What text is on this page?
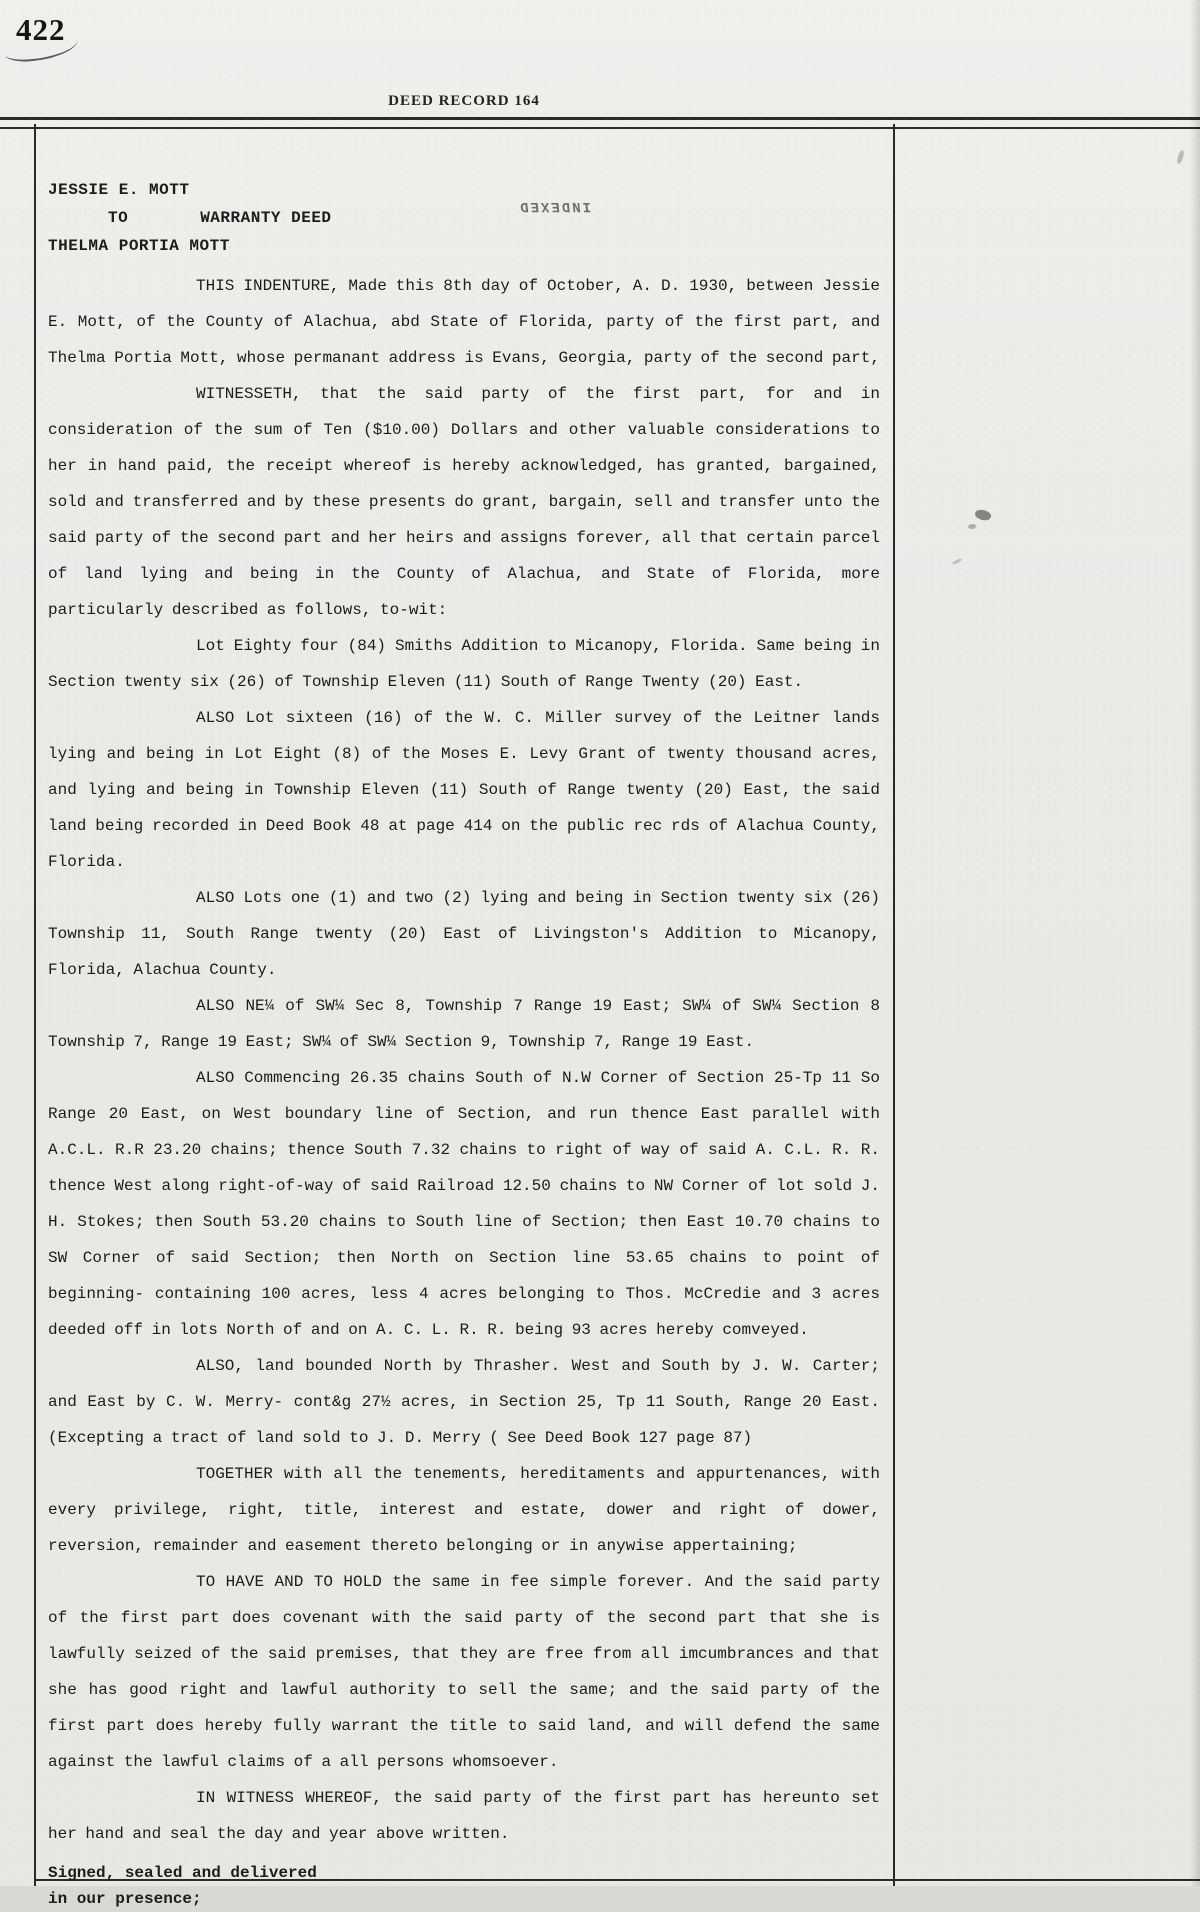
422
DEED RECORD 164
JESSIE E. MOTT
TO	WARRANTY DEED
THELMA PORTIA MOTT
INDEXED

THIS INDENTURE, Made this 8th day of October, A. D. 1930, between Jessie E. Mott, of the County of Alachua, abd State of Florida, party of the first part, and Thelma Portia Mott, whose permanant address is Evans, Georgia, party of the second part,

WITNESSETH, that the said party of the first part, for and in consideration of the sum of Ten ($10.00) Dollars and other valuable considerations to her in hand paid, the receipt whereof is hereby acknowledged, has granted, bargained, sold and transferred and by these presents do grant, bargain, sell and transfer unto the said party of the second part and her heirs and assigns forever, all that certain parcel of land lying and being in the County of Alachua, and State of Florida, more particularly described as follows, to-wit:

Lot Eighty four (84) Smiths Addition to Micanopy, Florida. Same being in Section twenty six (26) of Township Eleven (11) South of Range Twenty (20) East.

ALSO Lot sixteen (16) of the W. C. Miller survey of the Leitner lands lying and being in Lot Eight (8) of the Moses E. Levy Grant of twenty thousand acres, and lying and being in Township Eleven (11) South of Range twenty (20) East, the said land being recorded in Deed Book 48 at page 414 on the public rec rds of Alachua County, Florida.

ALSO Lots one (1) and two (2) lying and being in Section twenty six (26) Township 11, South Range twenty (20) East of Livingston's Addition to Micanopy, Florida, Alachua County.

ALSO NE¼ of SW¼ Sec 8, Township 7 Range 19 East; SW¼ of SW¼ Section 8 Township 7, Range 19 East; SW¼ of SW¼ Section 9, Township 7, Range 19 East.

ALSO Commencing 26.35 chains South of N.W Corner of Section 25-Tp 11 So Range 20 East, on West boundary line of Section, and run thence East parallel with A.C.L. R.R 23.20 chains; thence South 7.32 chains to right of way of said A. C.L. R. R. thence West along right-of-way of said Railroad 12.50 chains to NW Corner of lot sold J. H. Stokes; then South 53.20 chains to South line of Section; then East 10.70 chains to SW Corner of said Section; then North on Section line 53.65 chains to point of beginning- containing 100 acres, less 4 acres belonging to Thos. McCredie and 3 acres deeded off in lots North of and on A. C. L. R. R. being 93 acres hereby comveyed.

ALSO, land bounded North by Thrasher. West and South by J. W. Carter; and East by C. W. Merry- cont&g 27½ acres, in Section 25, Tp 11 South, Range 20 East. (Excepting a tract of land sold to J. D. Merry ( See Deed Book 127 page 87)

TOGETHER with all the tenements, hereditaments and appurtenances, with every privilege, right, title, interest and estate, dower and right of dower, reversion, remainder and easement thereto belonging or in anywise appertaining;

TO HAVE AND TO HOLD the same in fee simple forever. And the said party of the first part does covenant with the said party of the second part that she is lawfully seized of the said premises, that they are free from all imcumbrances and that she has good right and lawful authority to sell the same; and the said party of the first part does hereby fully warrant the title to said land, and will defend the same against the lawful claims of a all persons whomsoever.

IN WITNESS WHEREOF, the said party of the first part has hereunto set her hand and seal the day and year above written.

Signed, sealed and delivered
in our presence;
